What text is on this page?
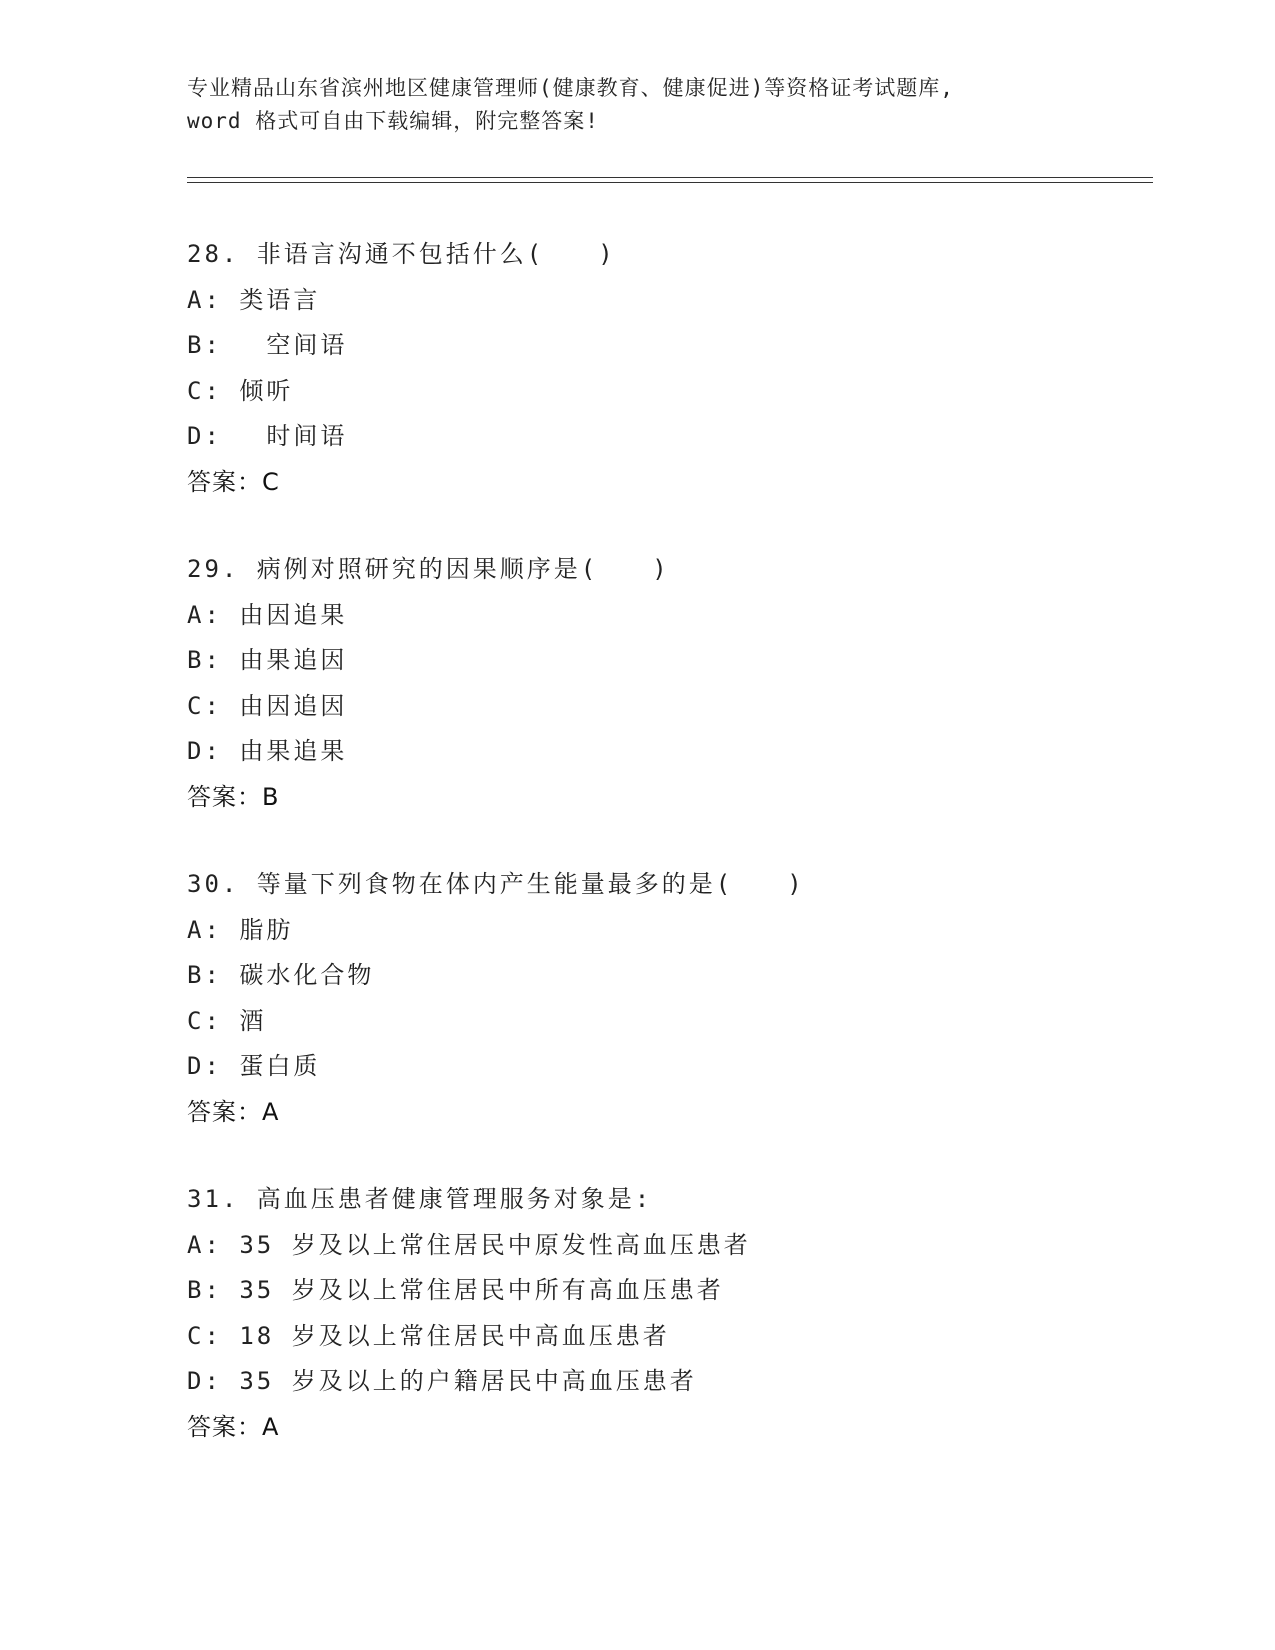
专业精品山东省滨州地区健康管理师(健康教育、健康促进)等资格证考试题库,
word 格式可自由下载编辑，附完整答案!
28. 非语言沟通不包括什么(　　)
A: 类语言
B: 　空间语
C: 倾听
D: 　时间语
答案：C
29. 病例对照研究的因果顺序是(　　)
A: 由因追果
B: 由果追因
C: 由因追因
D: 由果追果
答案：B
30. 等量下列食物在体内产生能量最多的是(　　)
A: 脂肪
B: 碳水化合物
C: 酒
D: 蛋白质
答案：A
31. 高血压患者健康管理服务对象是:
A: 35 岁及以上常住居民中原发性高血压患者
B: 35 岁及以上常住居民中所有高血压患者
C: 18 岁及以上常住居民中高血压患者
D: 35 岁及以上的户籍居民中高血压患者
答案：A
